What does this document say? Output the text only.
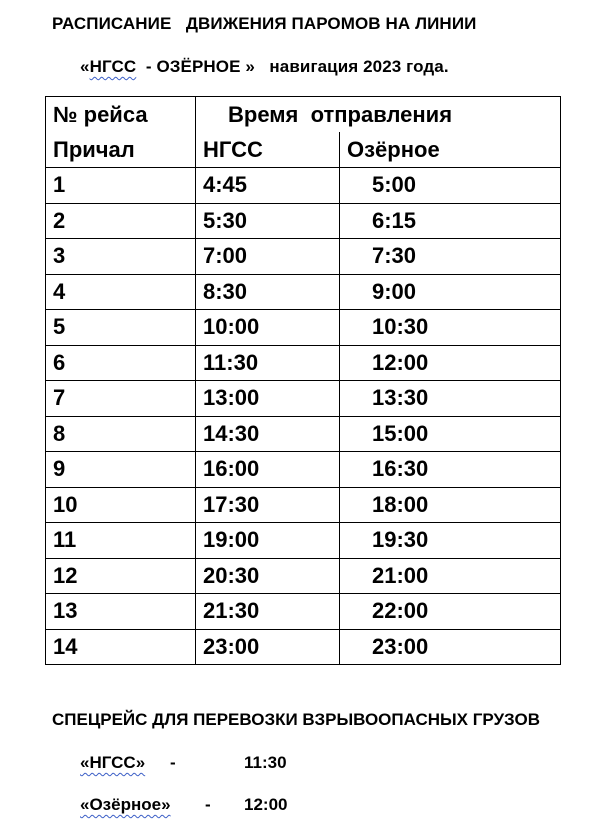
РАСПИСАНИЕ   ДВИЖЕНИЯ ПАРОМОВ НА ЛИНИИ
«НГСС  - ОЗЁРНОЕ »   навигация 2023 года.
№ рейса	Время  отправления	
Причал	НГСС	Озёрное
1	4:45	5:00
2	5:30	6:15
3	7:00	7:30
4	8:30	9:00
5	10:00	10:30
6	11:30	12:00
7	13:00	13:30
8	14:30	15:00
9	16:00	16:30
10	17:30	18:00
11	19:00	19:30
12	20:30	21:00
13	21:30	22:00
14	23:00	23:00
СПЕЦРЕЙС ДЛЯ ПЕРЕВОЗКИ ВЗРЫВООПАСНЫХ ГРУЗОВ
«НГСС» -	11:30
«Озёрное» - 12:00
